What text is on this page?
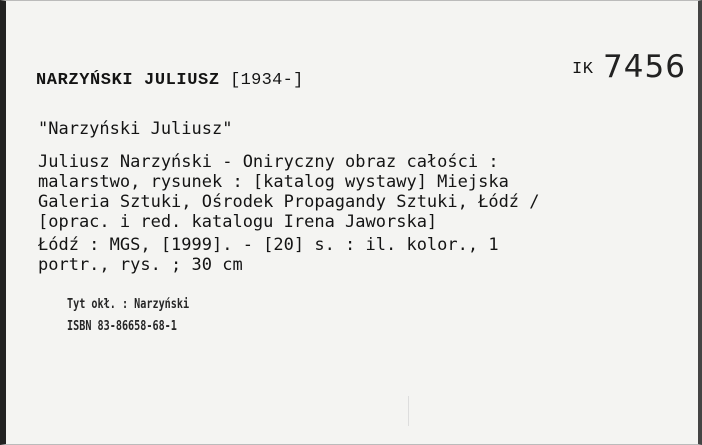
NARZYŃSKI JULIUSZ [1934-]
IK 7456
"Narzyński Juliusz"
Juliusz Narzyński - Oniryczny obraz całości :
malarstwo, rysunek : [katalog wystawy] Miejska
Galeria Sztuki, Ośrodek Propagandy Sztuki, Łódź /
[oprac. i red. katalogu Irena Jaworska]
Łódź : MGS, [1999]. - [20] s. : il. kolor., 1
portr., rys. ; 30 cm
Tyt okł. : Narzyński
ISBN 83-86658-68-1
